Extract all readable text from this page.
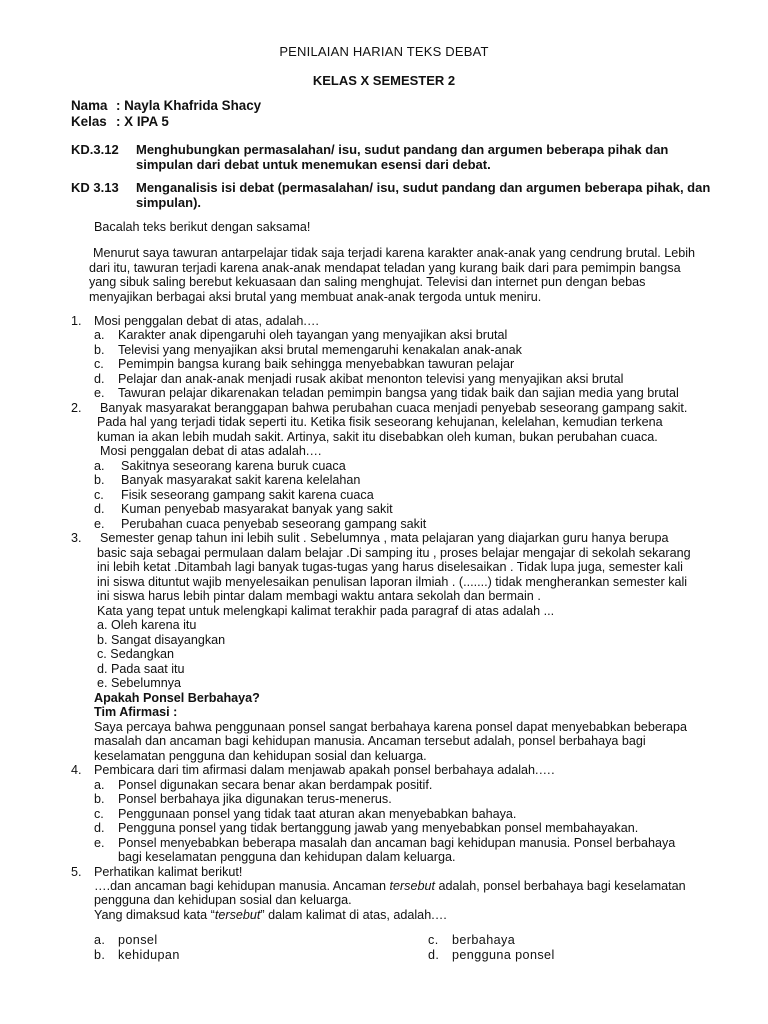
PENILAIAN HARIAN TEKS DEBAT
KELAS X SEMESTER 2
Nama : Nayla Khafrida Shacy
Kelas : X IPA 5
KD.3.12 Menghubungkan permasalahan/ isu, sudut pandang dan argumen beberapa pihak dan
simpulan dari debat untuk menemukan esensi dari debat.
KD 3.13 Menganalisis isi debat (permasalahan/ isu, sudut pandang dan argumen beberapa pihak, dan
simpulan).
Bacalah teks berikut dengan saksama!
Menurut saya tawuran antarpelajar tidak saja terjadi karena karakter anak-anak yang cendrung brutal. Lebih
dari itu, tawuran terjadi karena anak-anak mendapat teladan yang kurang baik dari para pemimpin bangsa
yang sibuk saling berebut kekuasaan dan saling menghujat. Televisi dan internet pun dengan bebas
menyajikan berbagai aksi brutal yang membuat anak-anak tergoda untuk meniru.
1. Mosi penggalan debat di atas, adalah.…
a. Karakter anak dipengaruhi oleh tayangan yang menyajikan aksi brutal
b. Televisi yang menyajikan aksi brutal memengaruhi kenakalan anak-anak
c. Pemimpin bangsa kurang baik sehingga menyebabkan tawuran pelajar
d. Pelajar dan anak-anak menjadi rusak akibat menonton televisi yang menyajikan aksi brutal
e. Tawuran pelajar dikarenakan teladan pemimpin bangsa yang tidak baik dan sajian media yang brutal
2. Banyak masyarakat beranggapan bahwa perubahan cuaca menjadi penyebab seseorang gampang sakit.
Pada hal yang terjadi tidak seperti itu. Ketika fisik seseorang kehujanan, kelelahan, kemudian terkena
kuman ia akan lebih mudah sakit. Artinya, sakit itu disebabkan oleh kuman, bukan perubahan cuaca.
Mosi penggalan debat di atas adalah.…
a. Sakitnya seseorang karena buruk cuaca
b. Banyak masyarakat sakit karena kelelahan
c. Fisik seseorang gampang sakit karena cuaca
d. Kuman penyebab masyarakat banyak yang sakit
e. Perubahan cuaca penyebab seseorang gampang sakit
3. Semester genap tahun ini lebih sulit . Sebelumnya , mata pelajaran yang diajarkan guru hanya berupa
basic saja sebagai permulaan dalam belajar .Di samping itu , proses belajar mengajar di sekolah sekarang
ini lebih ketat .Ditambah lagi banyak tugas-tugas yang harus diselesaikan . Tidak lupa juga, semester kali
ini siswa dituntut wajib menyelesaikan penulisan laporan ilmiah . (.......) tidak mengherankan semester kali
ini siswa harus lebih pintar dalam membagi waktu antara sekolah dan bermain .
Kata yang tepat untuk melengkapi kalimat terakhir pada paragraf di atas adalah ...
a. Oleh karena itu
b. Sangat disayangkan
c. Sedangkan
d. Pada saat itu
e. Sebelumnya
Apakah Ponsel Berbahaya?
Tim Afirmasi :
Saya percaya bahwa penggunaan ponsel sangat berbahaya karena ponsel dapat menyebabkan beberapa
masalah dan ancaman bagi kehidupan manusia. Ancaman tersebut adalah, ponsel berbahaya bagi
keselamatan pengguna dan kehidupan sosial dan keluarga.
4. Pembicara dari tim afirmasi dalam menjawab apakah ponsel berbahaya adalah.….
a. Ponsel digunakan secara benar akan berdampak positif.
b. Ponsel berbahaya jika digunakan terus-menerus.
c. Penggunaan ponsel yang tidak taat aturan akan menyebabkan bahaya.
d. Pengguna ponsel yang tidak bertanggung jawab yang menyebabkan ponsel membahayakan.
e. Ponsel menyebabkan beberapa masalah dan ancaman bagi kehidupan manusia. Ponsel berbahaya
bagi keselamatan pengguna dan kehidupan dalam keluarga.
5. Perhatikan kalimat berikut!
….dan ancaman bagi kehidupan manusia. Ancaman tersebut adalah, ponsel berbahaya bagi keselamatan
pengguna dan kehidupan sosial dan keluarga.
Yang dimaksud kata “tersebut” dalam kalimat di atas, adalah.…
a. ponsel
b. kehidupan
c. berbahaya
d. pengguna ponsel
